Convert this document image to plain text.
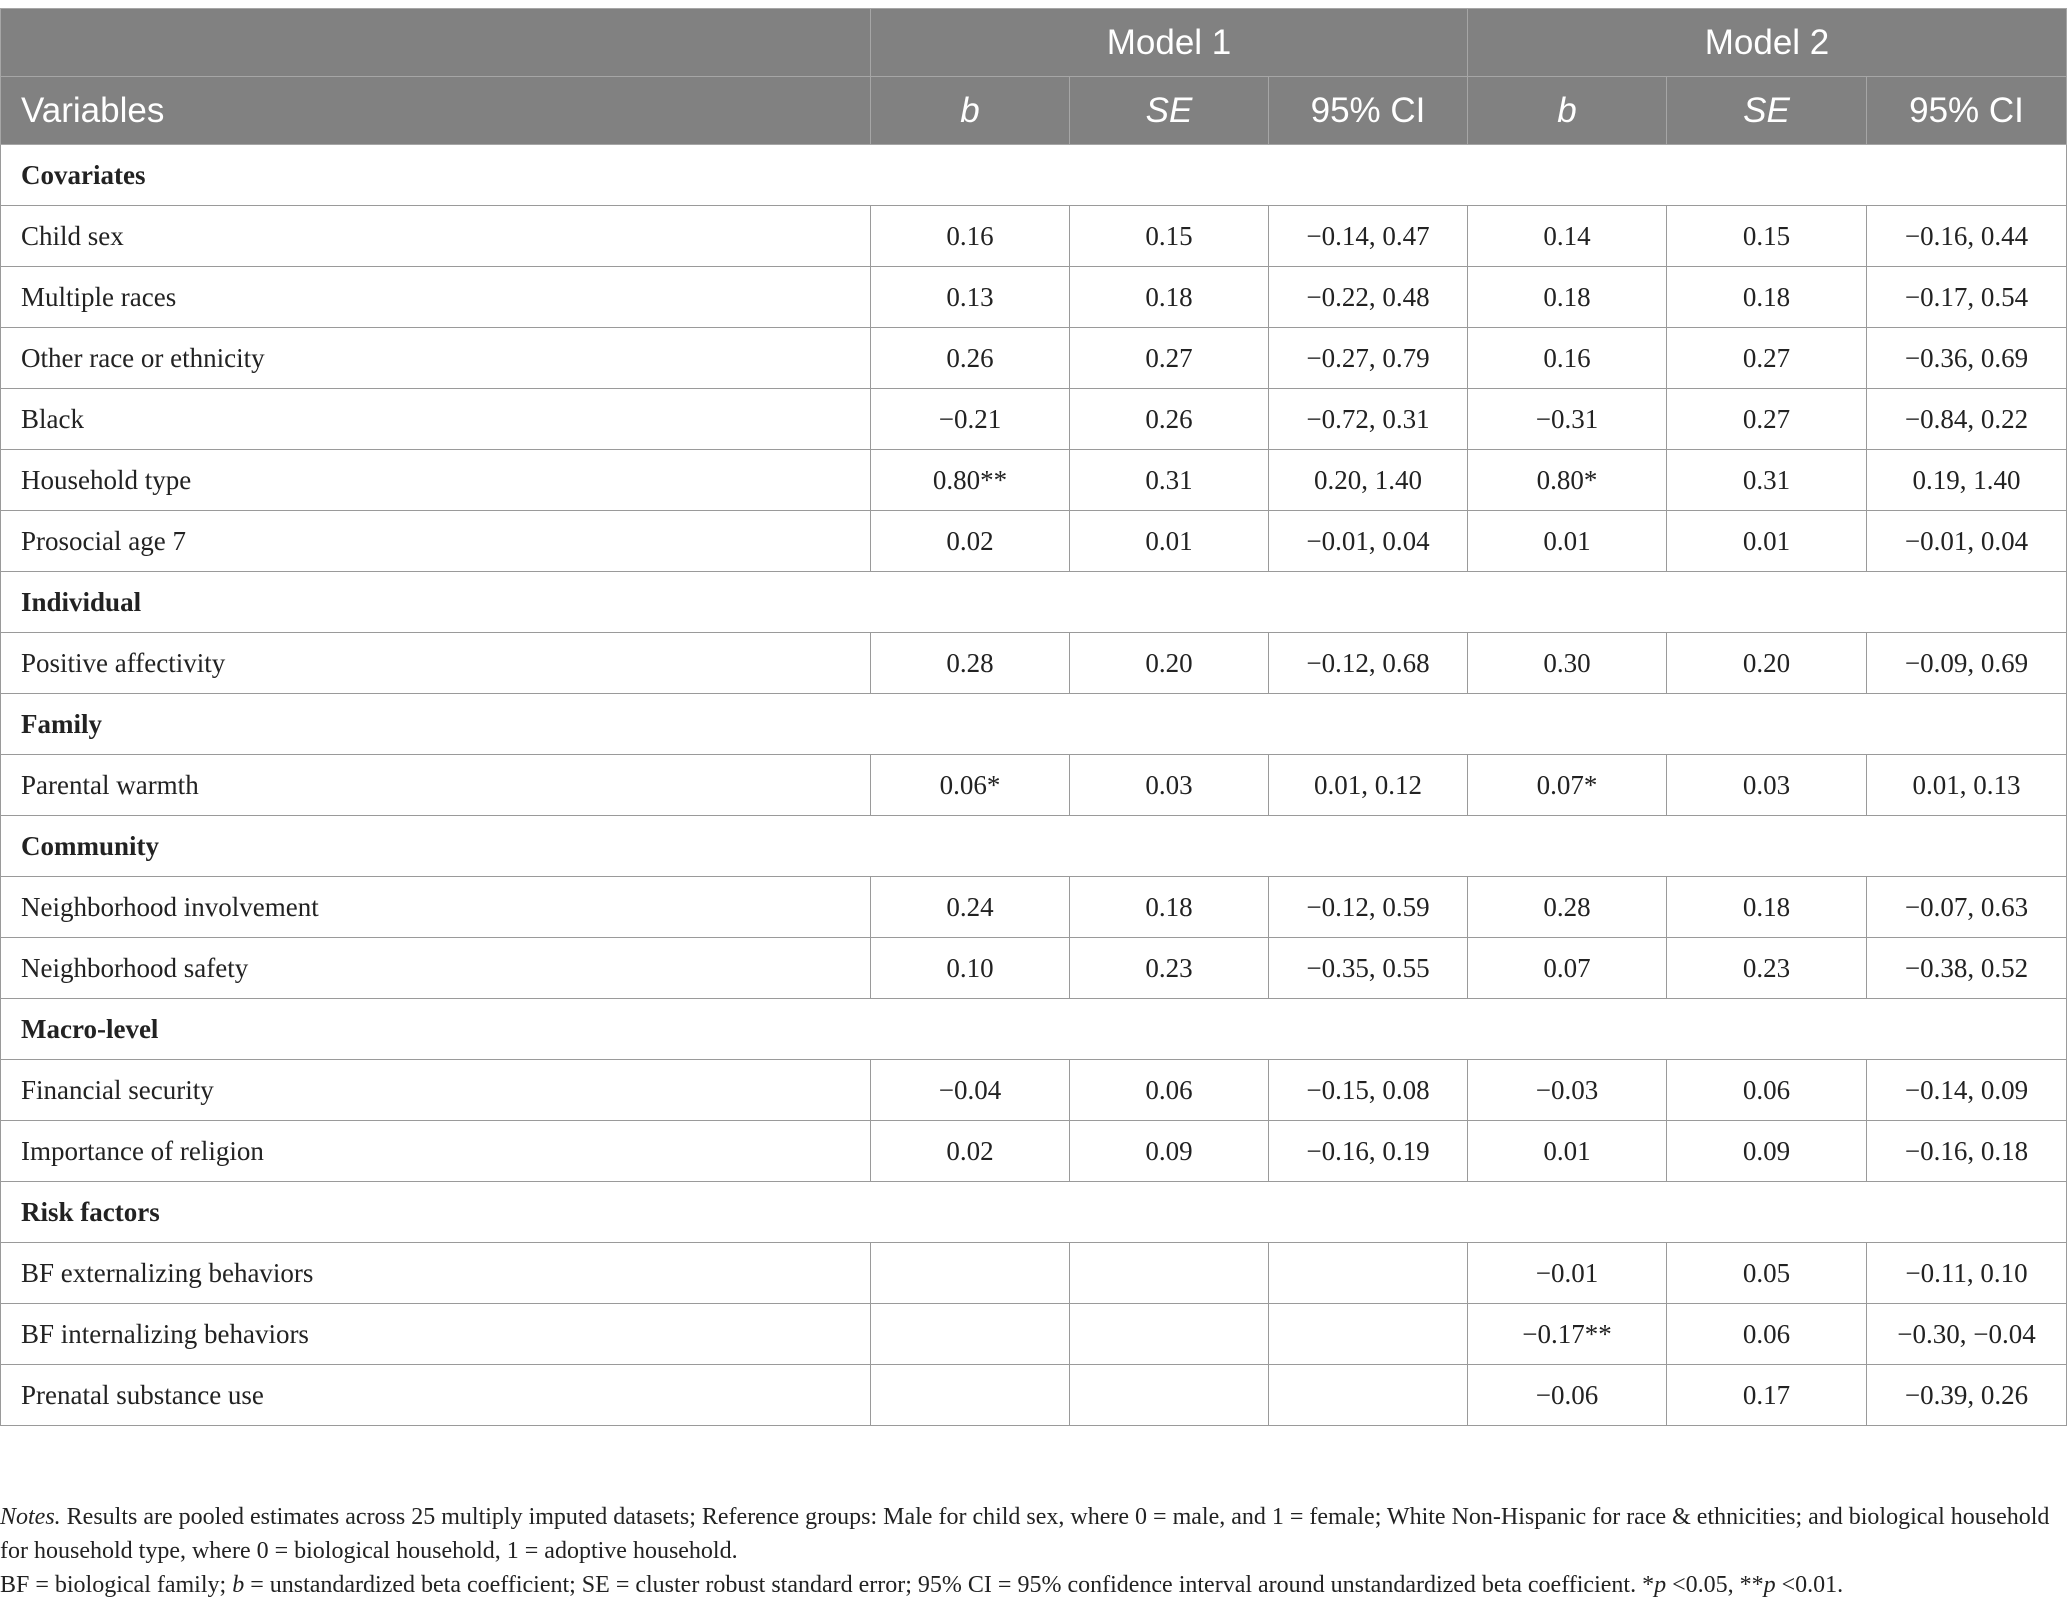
	Model 1			Model 2		
Variables	b	SE	95% CI	b	SE	95% CI
Covariates						
Child sex	0.16	0.15	−0.14, 0.47	0.14	0.15	−0.16, 0.44
Multiple races	0.13	0.18	−0.22, 0.48	0.18	0.18	−0.17, 0.54
Other race or ethnicity	0.26	0.27	−0.27, 0.79	0.16	0.27	−0.36, 0.69
Black	−0.21	0.26	−0.72, 0.31	−0.31	0.27	−0.84, 0.22
Household type	0.80**	0.31	0.20, 1.40	0.80*	0.31	0.19, 1.40
Prosocial age 7	0.02	0.01	−0.01, 0.04	0.01	0.01	−0.01, 0.04
Individual						
Positive affectivity	0.28	0.20	−0.12, 0.68	0.30	0.20	−0.09, 0.69
Family						
Parental warmth	0.06*	0.03	0.01, 0.12	0.07*	0.03	0.01, 0.13
Community						
Neighborhood involvement	0.24	0.18	−0.12, 0.59	0.28	0.18	−0.07, 0.63
Neighborhood safety	0.10	0.23	−0.35, 0.55	0.07	0.23	−0.38, 0.52
Macro-level						
Financial security	−0.04	0.06	−0.15, 0.08	−0.03	0.06	−0.14, 0.09
Importance of religion	0.02	0.09	−0.16, 0.19	0.01	0.09	−0.16, 0.18
Risk factors						
BF externalizing behaviors				−0.01	0.05	−0.11, 0.10
BF internalizing behaviors				−0.17**	0.06	−0.30, −0.04
Prenatal substance use				−0.06	0.17	−0.39, 0.26

Notes. Results are pooled estimates across 25 multiply imputed datasets; Reference groups: Male for child sex, where 0 = male, and 1 = female; White Non-Hispanic for race & ethnicities; and biological household for household type, where 0 = biological household, 1 = adoptive household.

BF = biological family; b = unstandardized beta coefficient; SE = cluster robust standard error; 95% CI = 95% confidence interval around unstandardized beta coefficient. *p <0.05, **p <0.01.
